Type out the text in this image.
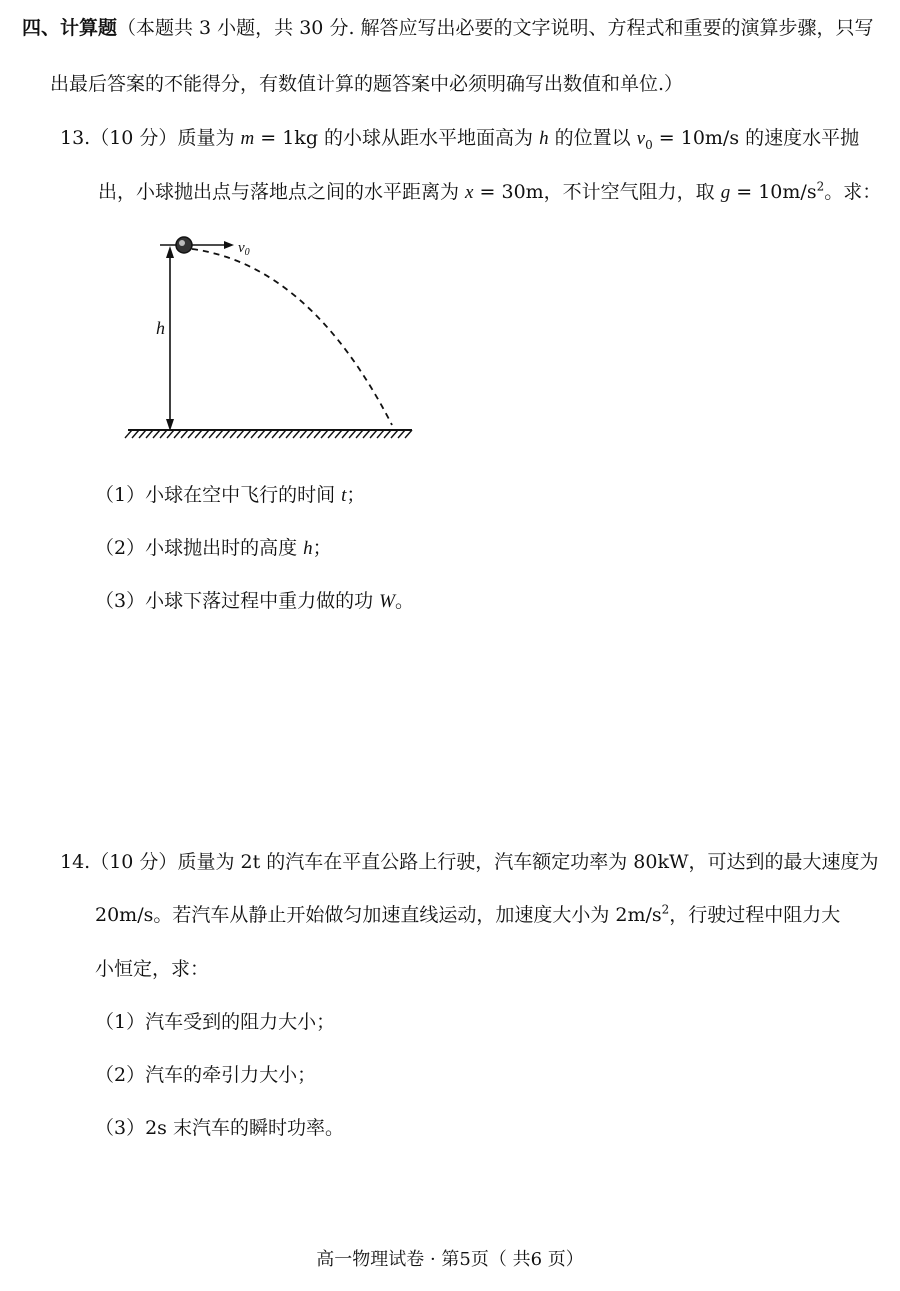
四、计算题（本题共 3 小题，共 30 分. 解答应写出必要的文字说明、方程式和重要的演算步骤，只写
出最后答案的不能得分，有数值计算的题答案中必须明确写出数值和单位.）
13.（10 分）质量为 m = 1kg 的小球从距水平地面高为 h 的位置以 $v_0 = 10m/s$ 的速度水平抛
出，小球抛出点与落地点之间的水平距离为 x = 30m，不计空气阻力，取 $g = 10m/s^2$。求：
$v_0$
h
（1）小球在空中飞行的时间 t；
（2）小球抛出时的高度 h；
（3）小球下落过程中重力做的功 W。
14.（10 分）质量为 2t 的汽车在平直公路上行驶，汽车额定功率为 80kW，可达到的最大速度为
20m/s。若汽车从静止开始做匀加速直线运动，加速度大小为 $2m/s^2$，行驶过程中阻力大
小恒定，求：
（1）汽车受到的阻力大小；
（2）汽车的牵引力大小；
（3）2s 末汽车的瞬时功率。
高一物理试卷 · 第5页（ 共6 页）
